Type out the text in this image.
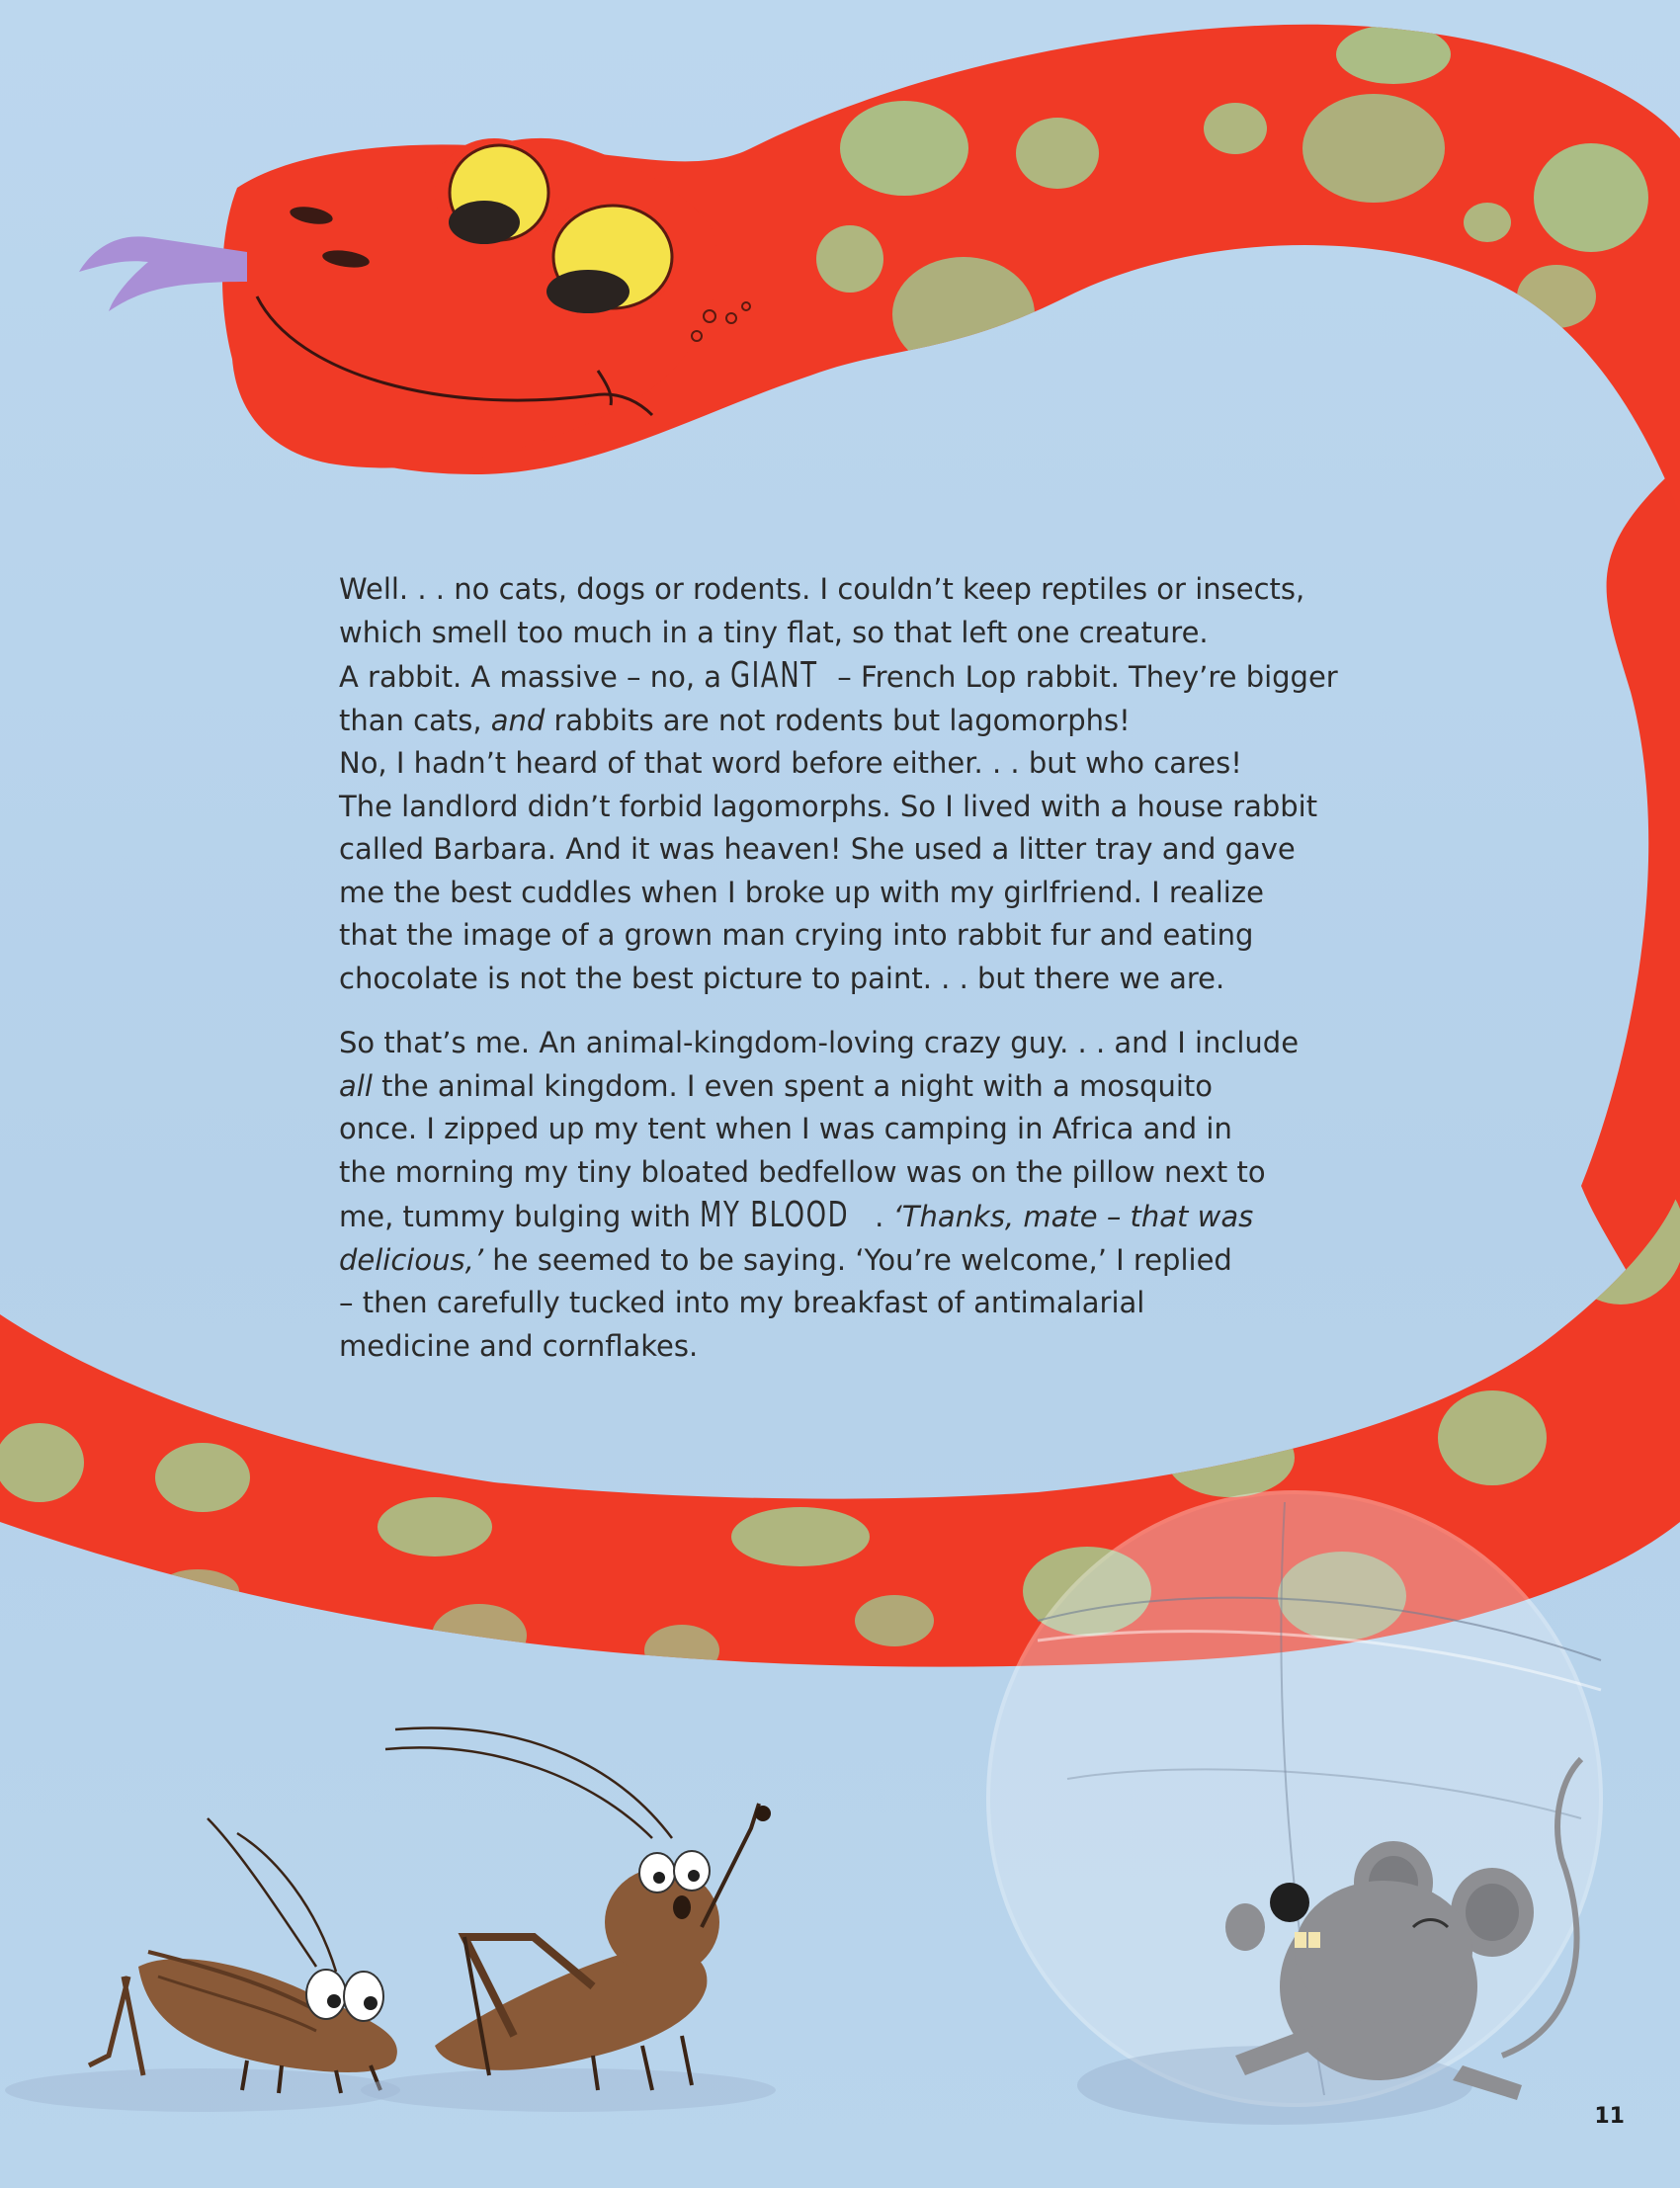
Well. . . no cats, dogs or rodents. I couldn’t keep reptiles or insects,
which smell too much in a tiny flat, so that left one creature.
A rabbit. A massive – no, a GIANT – French Lop rabbit. They’re bigger
than cats, and rabbits are not rodents but lagomorphs!
No, I hadn’t heard of that word before either. . . but who cares!
The landlord didn’t forbid lagomorphs. So I lived with a house rabbit
called Barbara. And it was heaven! She used a litter tray and gave
me the best cuddles when I broke up with my girlfriend. I realize
that the image of a grown man crying into rabbit fur and eating
chocolate is not the best picture to paint. . . but there we are.
So that’s me. An animal-kingdom-loving crazy guy. . . and I include
all the animal kingdom. I even spent a night with a mosquito
once. I zipped up my tent when I was camping in Africa and in
the morning my tiny bloated bedfellow was on the pillow next to
me, tummy bulging with MY BLOOD . ‘Thanks, mate – that was
delicious,’ he seemed to be saying. ‘You’re welcome,’ I replied
– then carefully tucked into my breakfast of antimalarial
medicine and cornflakes.
11
